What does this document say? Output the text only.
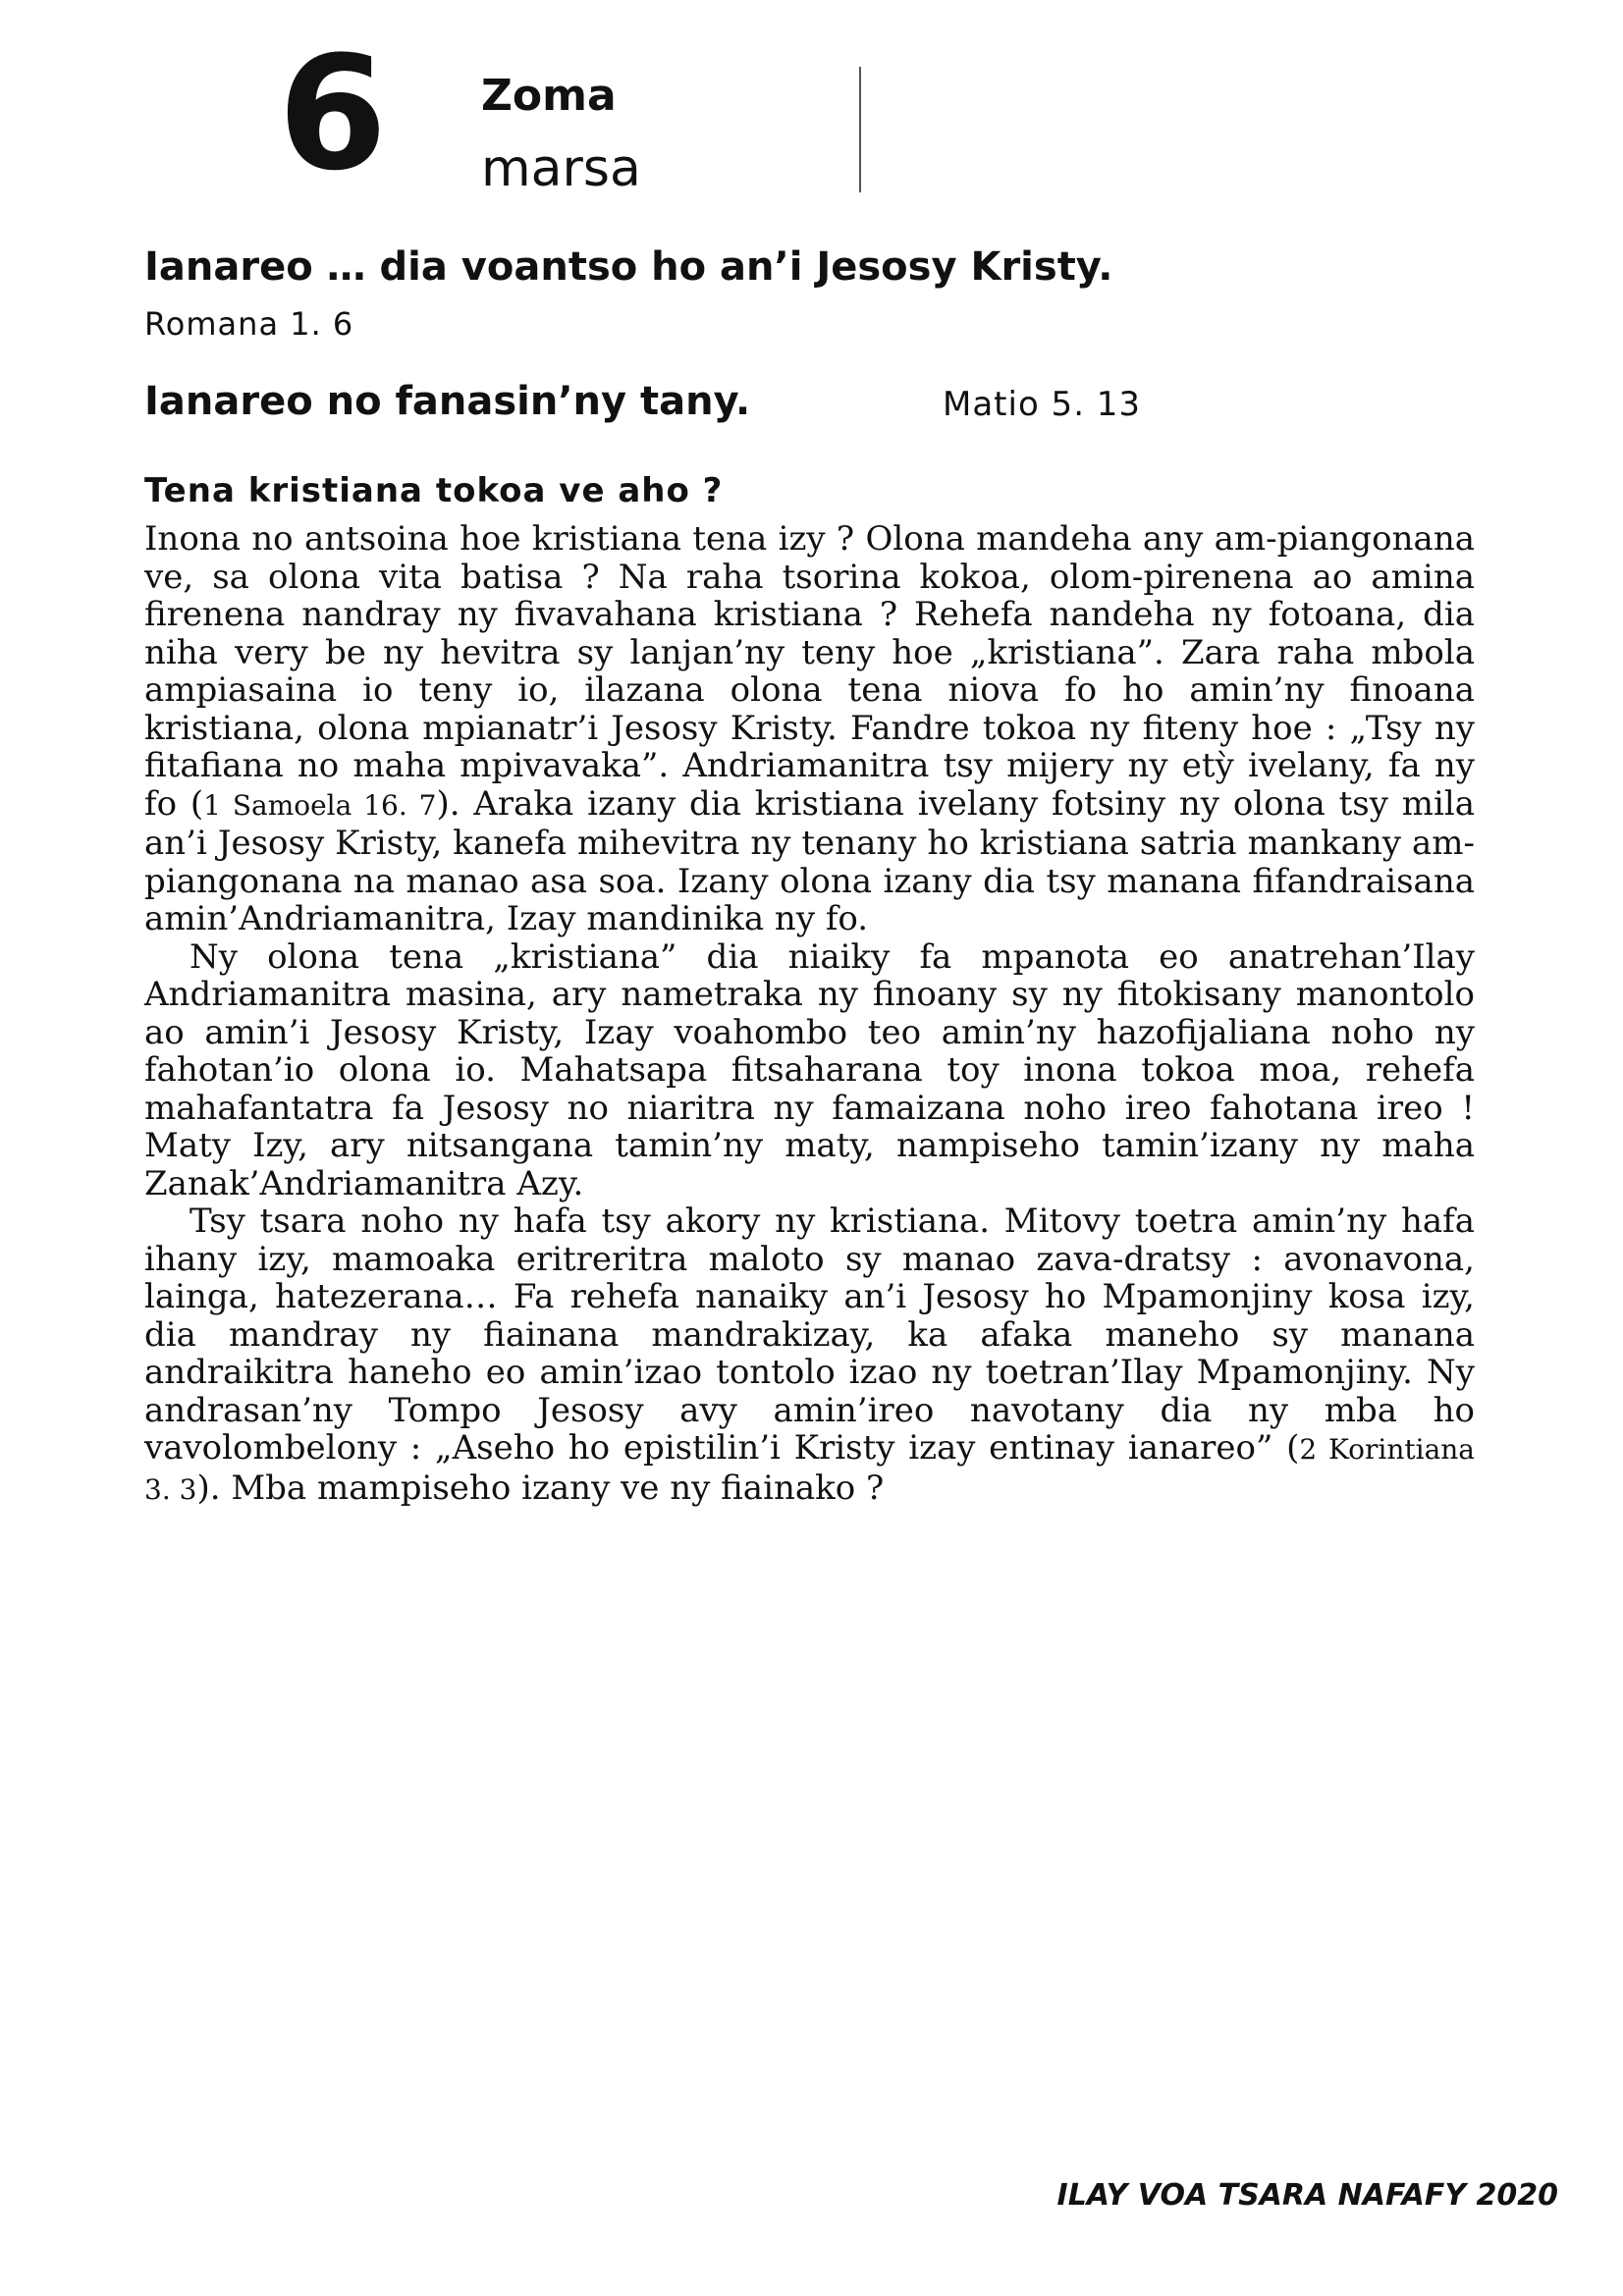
6 Zoma
marsa
Ianareo … dia voantso ho an’i Jesosy Kristy.
Romana 1. 6
Ianareo no fanasin’ny tany.	Matio 5. 13
Tena kristiana tokoa ve aho ?

Inona no antsoina hoe kristiana tena izy ? Olona mandeha any am-piangonana ve, sa olona vita batisa ? Na raha tsorina kokoa, olom-pirenena ao amina firenena nandray ny fivavahana kristiana ? Rehefa nandeha ny fotoana, dia niha very be ny hevitra sy lanjan’ny teny hoe „kristiana”. Zara raha mbola ampiasaina io teny io, ilazana olona tena niova fo ho amin’ny finoana kristiana, olona mpianatr’i Jesosy Kristy. Fandre tokoa ny fiteny hoe : „Tsy ny fitafiana no maha mpivavaka”. Andriamanitra tsy mijery ny etỳ ivelany, fa ny fo (1 Samoela 16. 7). Araka izany dia kristiana ivelany fotsiny ny olona tsy mila an’i Jesosy Kristy, kanefa mihevitra ny tenany ho kristiana satria mankany am-piangonana na manao asa soa. Izany olona izany dia tsy manana fifandraisana amin’Andriamanitra, Izay mandinika ny fo.

Ny olona tena „kristiana” dia niaiky fa mpanota eo anatrehan’Ilay Andriamanitra masina, ary nametraka ny finoany sy ny fitokisany manontolo ao amin’i Jesosy Kristy, Izay voahombo teo amin’ny hazofijaliana noho ny fahotan’io olona io. Mahatsapa fitsaharana toy inona tokoa moa, rehefa mahafantatra fa Jesosy no niaritra ny famaizana noho ireo fahotana ireo ! Maty Izy, ary nitsangana tamin’ny maty, nampiseho tamin’izany ny maha Zanak’Andriamanitra Azy.

Tsy tsara noho ny hafa tsy akory ny kristiana. Mitovy toetra amin’ny hafa ihany izy, mamoaka eritreritra maloto sy manao zava-dratsy : avonavona, lainga, hatezerana… Fa rehefa nanaiky an’i Jesosy ho Mpamonjiny kosa izy, dia mandray ny fiainana mandrakizay, ka afaka maneho sy manana andraikitra haneho eo amin’izao tontolo izao ny toetran’Ilay Mpamonjiny. Ny andrasan’ny Tompo Jesosy avy amin’ireo navotany dia ny mba ho vavolombelony : „Aseho ho epistilin’i Kristy izay entinay ianareo” (2 Korintiana 3. 3). Mba mampiseho izany ve ny fiainako ?

ILAY VOA TSARA NAFAFY 2020
